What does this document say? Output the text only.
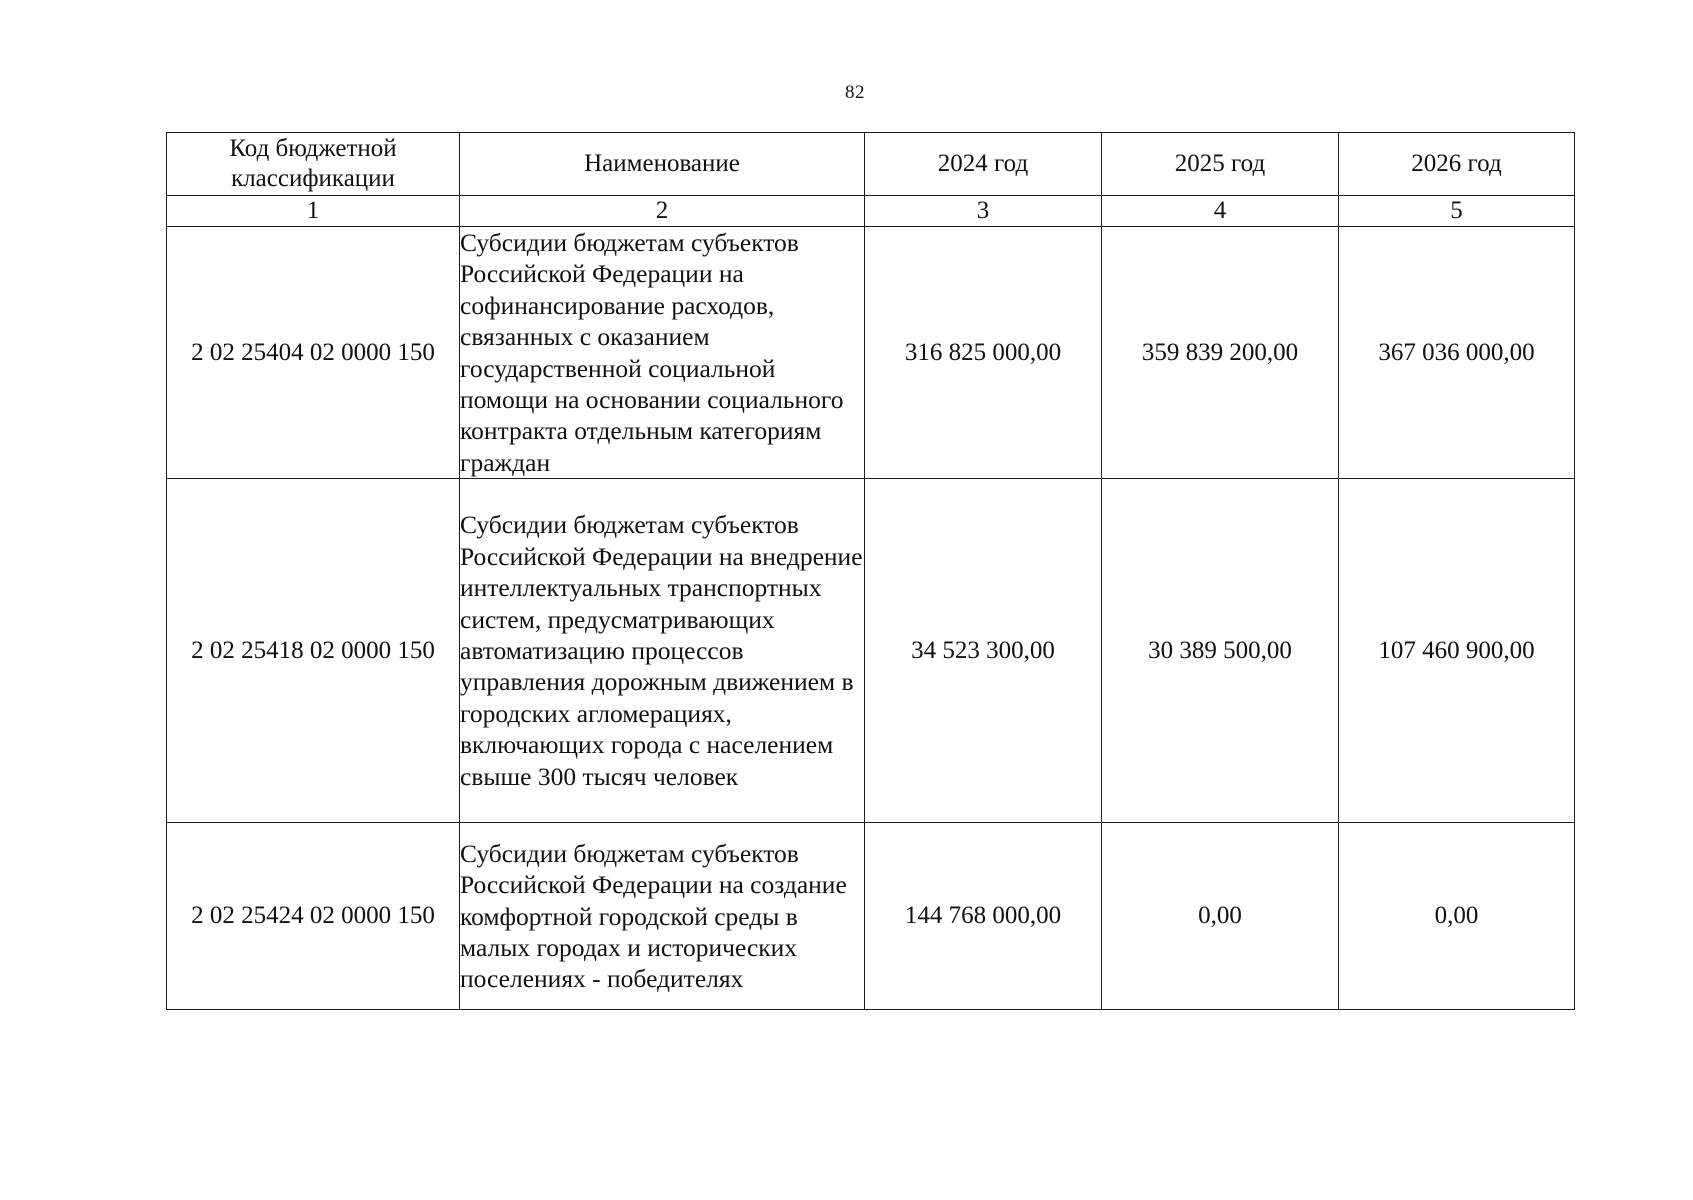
82
Код бюджетной классификации	Наименование	2024 год	2025 год	2026 год
1	2	3	4	5
2 02 25404 02 0000 150	Субсидии бюджетам субъектов Российской Федерации на софинансирование расходов, связанных с оказанием государственной социальной помощи на основании социального контракта отдельным категориям граждан	316 825 000,00	359 839 200,00	367 036 000,00
2 02 25418 02 0000 150	Субсидии бюджетам субъектов Российской Федерации на внедрение интеллектуальных транспортных систем, предусматривающих автоматизацию процессов управления дорожным движением в городских агломерациях, включающих города с населением свыше 300 тысяч человек	34 523 300,00	30 389 500,00	107 460 900,00
2 02 25424 02 0000 150	Субсидии бюджетам субъектов Российской Федерации на создание комфортной городской среды в малых городах и исторических поселениях - победителях	144 768 000,00	0,00	0,00
